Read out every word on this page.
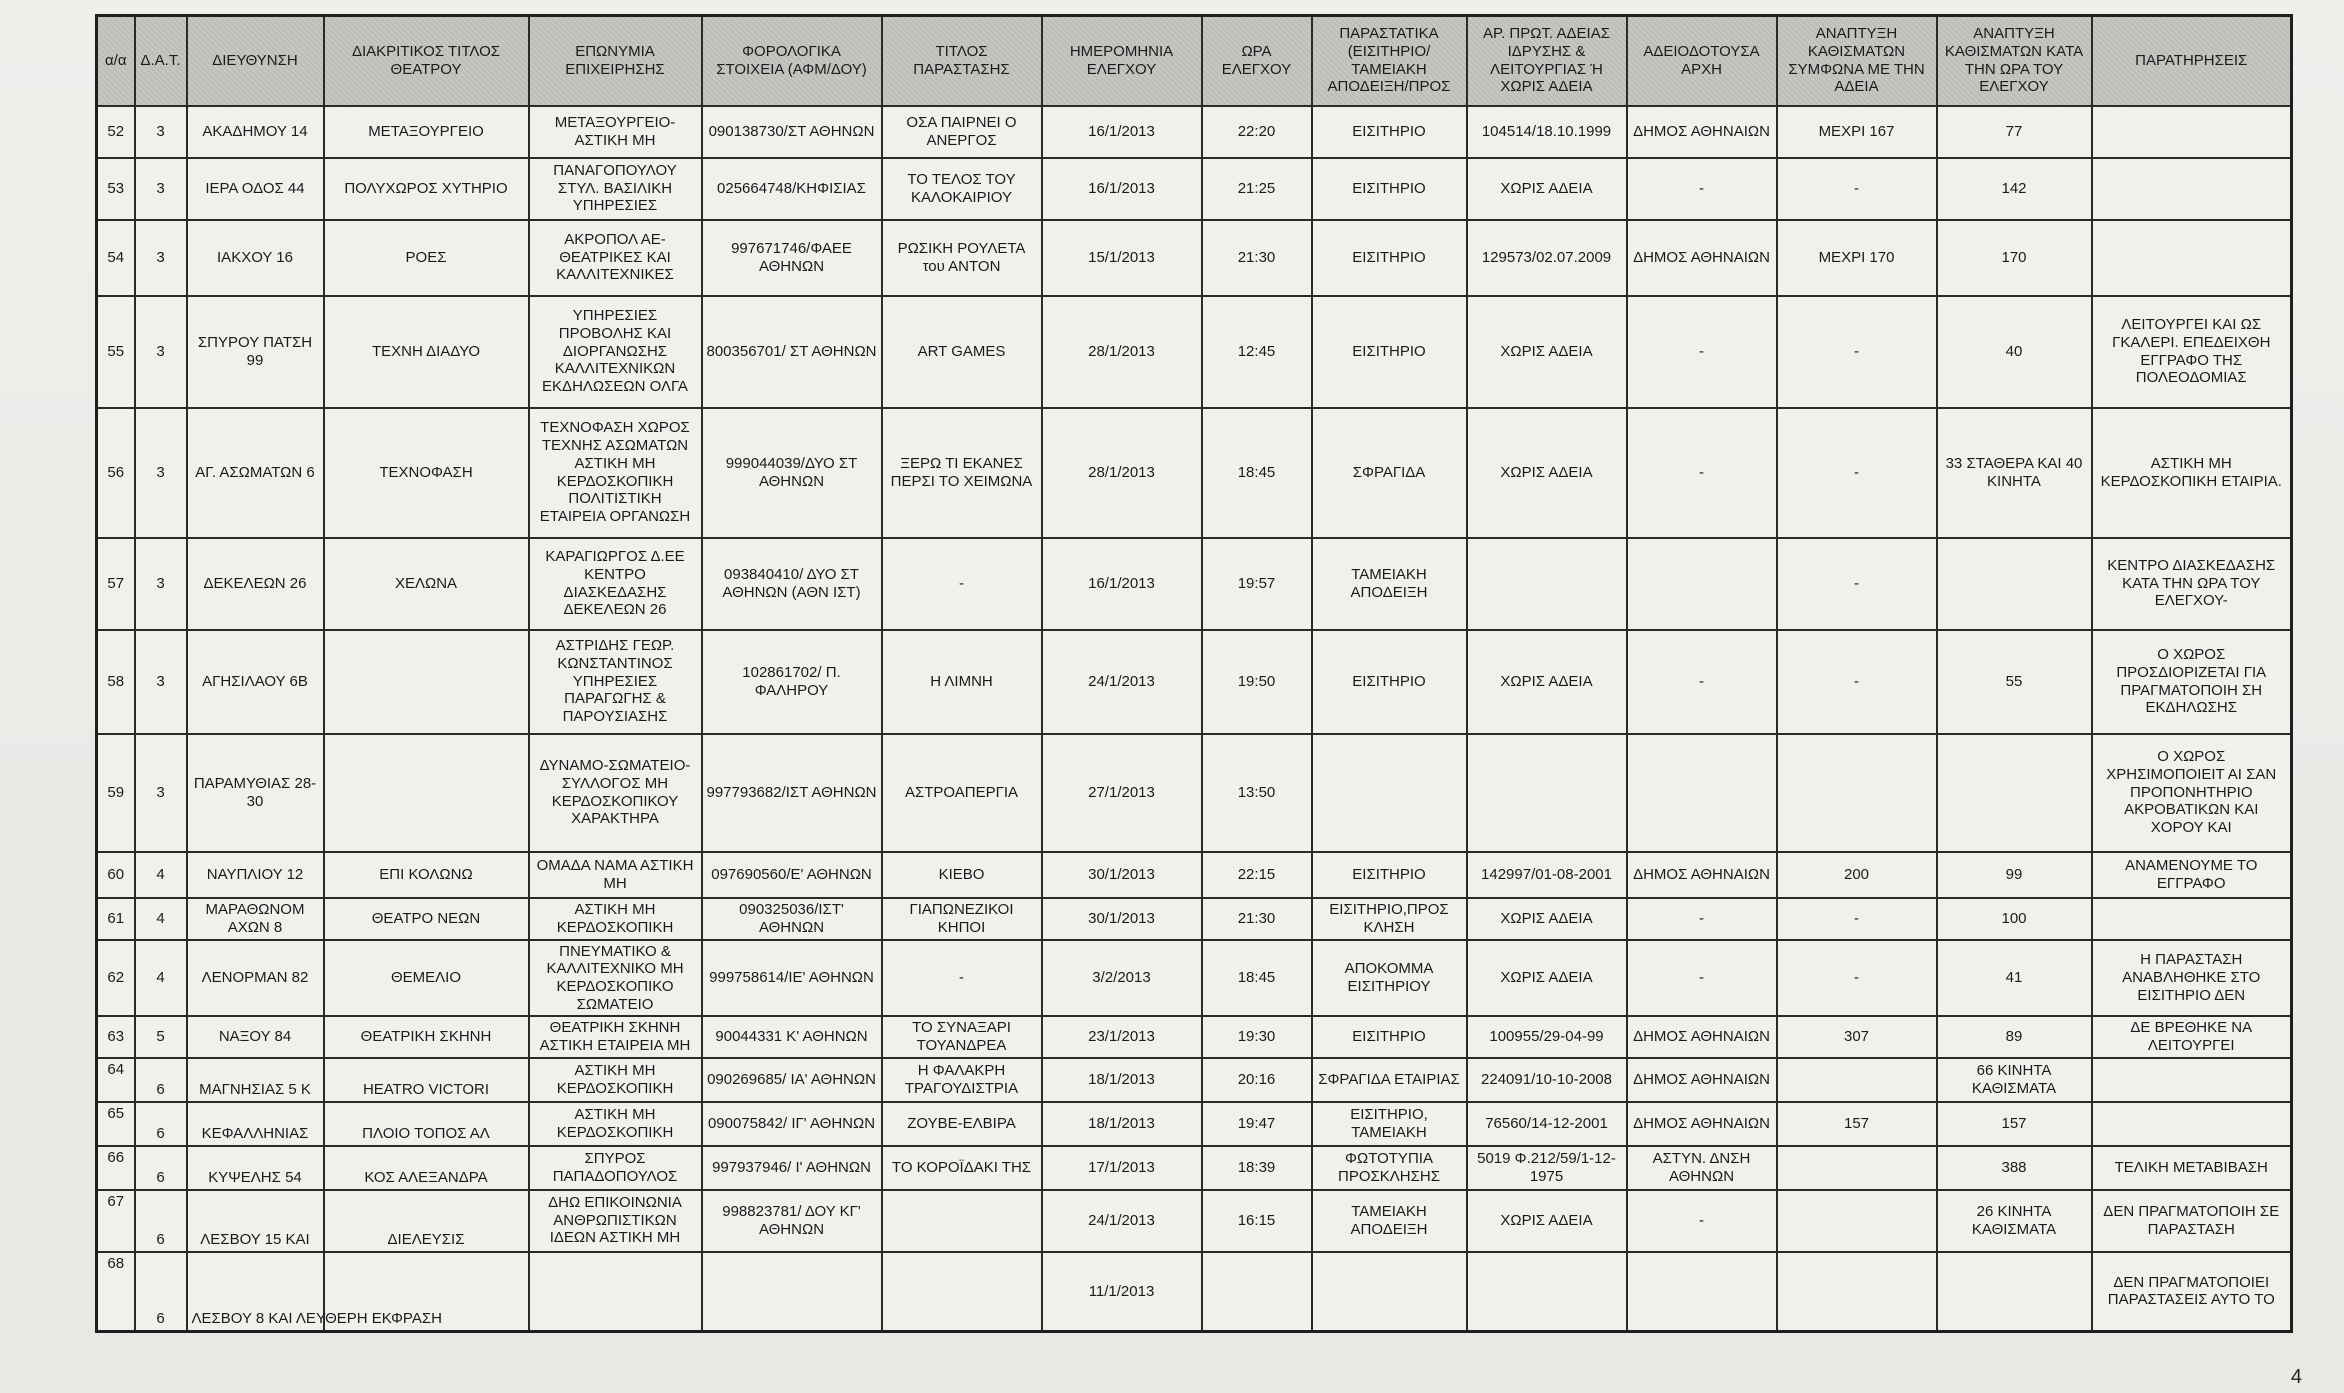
α/α	Δ.Α.Τ.	ΔΙΕΥΘΥΝΣΗ	ΔΙΑΚΡΙΤΙΚΟΣ ΤΙΤΛΟΣ ΘΕΑΤΡΟΥ	ΕΠΩΝΥΜΙΑ ΕΠΙΧΕΙΡΗΣΗΣ	ΦΟΡΟΛΟΓΙΚΑ ΣΤΟΙΧΕΙΑ (ΑΦΜ/ΔΟΥ)	ΤΙΤΛΟΣ ΠΑΡΑΣΤΑΣΗΣ	ΗΜΕΡΟΜΗΝΙΑ ΕΛΕΓΧΟΥ	ΩΡΑ ΕΛΕΓΧΟΥ	ΠΑΡΑΣΤΑΤΙΚΑ (ΕΙΣΙΤΗΡΙΟ/ΤΑΜΕΙΑΚΗ ΑΠΟΔΕΙΞΗ/ΠΡΟΣ	ΑΡ. ΠΡΩΤ. ΑΔΕΙΑΣ ΙΔΡΥΣΗΣ & ΛΕΙΤΟΥΡΓΙΑΣ Ή ΧΩΡΙΣ ΑΔΕΙΑ	ΑΔΕΙΟΔΟΤΟΥΣΑ ΑΡΧΗ	ΑΝΑΠΤΥΞΗ ΚΑΘΙΣΜΑΤΩΝ ΣΥΜΦΩΝΑ ΜΕ ΤΗΝ ΑΔΕΙΑ	ΑΝΑΠΤΥΞΗ ΚΑΘΙΣΜΑΤΩΝ ΚΑΤΑ ΤΗΝ ΩΡΑ ΤΟΥ ΕΛΕΓΧΟΥ	ΠΑΡΑΤΗΡΗΣΕΙΣ
52	3	ΑΚΑΔΗΜΟΥ 14	ΜΕΤΑΞΟΥΡΓΕΙΟ	ΜΕΤΑΞΟΥΡΓΕΙΟ-ΑΣΤΙΚΗ ΜΗ	090138730/ΣΤ ΑΘΗΝΩΝ	ΟΣΑ ΠΑΙΡΝΕΙ Ο ΑΝΕΡΓΟΣ	16/1/2013	22:20	ΕΙΣΙΤΗΡΙΟ	104514/18.10.1999	ΔΗΜΟΣ ΑΘΗΝΑΙΩΝ	ΜΕΧΡΙ 167	77	
53	3	ΙΕΡΑ ΟΔΟΣ 44	ΠΟΛΥΧΩΡΟΣ ΧΥΤΗΡΙΟ	ΠΑΝΑΓΟΠΟΥΛΟΥ ΣΤΥΛ. ΒΑΣΙΛΙΚΗ ΥΠΗΡΕΣΙΕΣ	025664748/ΚΗΦΙΣΙΑΣ	ΤΟ ΤΕΛΟΣ ΤΟΥ ΚΑΛΟΚΑΙΡΙΟΥ	16/1/2013	21:25	ΕΙΣΙΤΗΡΙΟ	ΧΩΡΙΣ ΑΔΕΙΑ	-	-	142	
54	3	ΙΑΚΧΟΥ 16	ΡΟΕΣ	ΑΚΡΟΠΟΛ ΑΕ-ΘΕΑΤΡΙΚΕΣ ΚΑΙ ΚΑΛΛΙΤΕΧΝΙΚΕΣ	997671746/ΦΑΕΕ ΑΘΗΝΩΝ	ΡΩΣΙΚΗ ΡΟΥΛΕΤΑ του ΑΝΤΟΝ	15/1/2013	21:30	ΕΙΣΙΤΗΡΙΟ	129573/02.07.2009	ΔΗΜΟΣ ΑΘΗΝΑΙΩΝ	ΜΕΧΡΙ 170	170	
55	3	ΣΠΥΡΟΥ ΠΑΤΣΗ 99	ΤΕΧΝΗ ΔΙΑΔΥΟ	ΥΠΗΡΕΣΙΕΣ ΠΡΟΒΟΛΗΣ ΚΑΙ ΔΙΟΡΓΑΝΩΣΗΣ ΚΑΛΛΙΤΕΧΝΙΚΩΝ ΕΚΔΗΛΩΣΕΩΝ ΟΛΓΑ	800356701/ ΣΤ ΑΘΗΝΩΝ	ART GAMES	28/1/2013	12:45	ΕΙΣΙΤΗΡΙΟ	ΧΩΡΙΣ ΑΔΕΙΑ	-	-	40	ΛΕΙΤΟΥΡΓΕΙ ΚΑΙ ΩΣ ΓΚΑΛΕΡΙ. ΕΠΕΔΕΙΧΘΗ ΕΓΓΡΑΦΟ ΤΗΣ ΠΟΛΕΟΔΟΜΙΑΣ
56	3	ΑΓ. ΑΣΩΜΑΤΩΝ 6	ΤΕΧΝΟΦΑΣΗ	ΤΕΧΝΟΦΑΣΗ ΧΩΡΟΣ ΤΕΧΝΗΣ ΑΣΩΜΑΤΩΝ ΑΣΤΙΚΗ ΜΗ ΚΕΡΔΟΣΚΟΠΙΚΗ ΠΟΛΙΤΙΣΤΙΚΗ ΕΤΑΙΡΕΙΑ ΟΡΓΑΝΩΣΗ	999044039/ΔΥΟ ΣΤ ΑΘΗΝΩΝ	ΞΕΡΩ ΤΙ ΕΚΑΝΕΣ ΠΕΡΣΙ ΤΟ ΧΕΙΜΩΝΑ	28/1/2013	18:45	ΣΦΡΑΓΙΔΑ	ΧΩΡΙΣ ΑΔΕΙΑ	-	-	33 ΣΤΑΘΕΡΑ ΚΑΙ 40 ΚΙΝΗΤΑ	ΑΣΤΙΚΗ ΜΗ ΚΕΡΔΟΣΚΟΠΙΚΗ ΕΤΑΙΡΙΑ.
57	3	ΔΕΚΕΛΕΩΝ 26	ΧΕΛΩΝΑ	ΚΑΡΑΓΙΩΡΓΟΣ Δ.ΕΕ ΚΕΝΤΡΟ ΔΙΑΣΚΕΔΑΣΗΣ ΔΕΚΕΛΕΩΝ 26	093840410/ ΔΥΟ ΣΤ ΑΘΗΝΩΝ (ΑΘΝ ΙΣΤ)	-	16/1/2013	19:57	ΤΑΜΕΙΑΚΗ ΑΠΟΔΕΙΞΗ			-		ΚΕΝΤΡΟ ΔΙΑΣΚΕΔΑΣΗΣ ΚΑΤΑ ΤΗΝ ΩΡΑ ΤΟΥ ΕΛΕΓΧΟΥ-
58	3	ΑΓΗΣΙΛΑΟΥ 6Β		ΑΣΤΡΙΔΗΣ ΓΕΩΡ. ΚΩΝΣΤΑΝΤΙΝΟΣ ΥΠΗΡΕΣΙΕΣ ΠΑΡΑΓΩΓΗΣ & ΠΑΡΟΥΣΙΑΣΗΣ	102861702/ Π. ΦΑΛΗΡΟΥ	Η ΛΙΜΝΗ	24/1/2013	19:50	ΕΙΣΙΤΗΡΙΟ	ΧΩΡΙΣ ΑΔΕΙΑ	-	-	55	Ο ΧΩΡΟΣ ΠΡΟΣΔΙΟΡΙΖΕΤΑΙ ΓΙΑ ΠΡΑΓΜΑΤΟΠΟΙΗ ΣΗ ΕΚΔΗΛΩΣΗΣ
59	3	ΠΑΡΑΜΥΘΙΑΣ 28-30		ΔΥΝΑΜΟ-ΣΩΜΑΤΕΙΟ-ΣΥΛΛΟΓΟΣ ΜΗ ΚΕΡΔΟΣΚΟΠΙΚΟΥ ΧΑΡΑΚΤΗΡΑ	997793682/ΙΣΤ ΑΘΗΝΩΝ	ΑΣΤΡΟΑΠΕΡΓΙΑ	27/1/2013	13:50						Ο ΧΩΡΟΣ ΧΡΗΣΙΜΟΠΟΙΕΙΤ ΑΙ ΣΑΝ ΠΡΟΠΟΝΗΤΗΡΙΟ ΑΚΡΟΒΑΤΙΚΩΝ ΚΑΙ ΧΟΡΟΥ ΚΑΙ
60	4	ΝΑΥΠΛΙΟΥ 12	ΕΠΙ ΚΟΛΩΝΩ	ΟΜΑΔΑ ΝΑΜΑ ΑΣΤΙΚΗ ΜΗ	097690560/Ε' ΑΘΗΝΩΝ	ΚΙΕΒΟ	30/1/2013	22:15	ΕΙΣΙΤΗΡΙΟ	142997/01-08-2001	ΔΗΜΟΣ ΑΘΗΝΑΙΩΝ	200	99	ΑΝΑΜΕΝΟΥΜΕ ΤΟ ΕΓΓΡΑΦΟ
61	4	ΜΑΡΑΘΩΝΟΜ ΑΧΩΝ 8	ΘΕΑΤΡΟ ΝΕΩΝ	ΑΣΤΙΚΗ ΜΗ ΚΕΡΔΟΣΚΟΠΙΚΗ	090325036/ΙΣΤ' ΑΘΗΝΩΝ	ΓΙΑΠΩΝΕΖΙΚΟΙ ΚΗΠΟΙ	30/1/2013	21:30	ΕΙΣΙΤΗΡΙΟ,ΠΡΟΣ ΚΛΗΣΗ	ΧΩΡΙΣ ΑΔΕΙΑ	-	-	100	
62	4	ΛΕΝΟΡΜΑΝ 82	ΘΕΜΕΛΙΟ	ΠΝΕΥΜΑΤΙΚΟ & ΚΑΛΛΙΤΕΧΝΙΚΟ ΜΗ ΚΕΡΔΟΣΚΟΠΙΚΟ ΣΩΜΑΤΕΙΟ	999758614/ΙΕ' ΑΘΗΝΩΝ	-	3/2/2013	18:45	ΑΠΟΚΟΜΜΑ ΕΙΣΙΤΗΡΙΟΥ	ΧΩΡΙΣ ΑΔΕΙΑ	-	-	41	Η ΠΑΡΑΣΤΑΣΗ ΑΝΑΒΛΗΘΗΚΕ ΣΤΟ ΕΙΣΙΤΗΡΙΟ ΔΕΝ
63	5	ΝΑΞΟΥ 84	ΘΕΑΤΡΙΚΗ ΣΚΗΝΗ	ΘΕΑΤΡΙΚΗ ΣΚΗΝΗ ΑΣΤΙΚΗ ΕΤΑΙΡΕΙΑ ΜΗ	90044331 Κ' ΑΘΗΝΩΝ	ΤΟ ΣΥΝΑΞΑΡΙ ΤΟΥΑΝΔΡΕΑ	23/1/2013	19:30	ΕΙΣΙΤΗΡΙΟ	100955/29-04-99	ΔΗΜΟΣ ΑΘΗΝΑΙΩΝ	307	89	ΔΕ ΒΡΕΘΗΚΕ ΝΑ ΛΕΙΤΟΥΡΓΕΙ
64	6	ΜΑΓΝΗΣΙΑΣ 5 Κ	HEATRO VICTORI	ΑΣΤΙΚΗ ΜΗ ΚΕΡΔΟΣΚΟΠΙΚΗ	090269685/ ΙΑ' ΑΘΗΝΩΝ	Η ΦΑΛΑΚΡΗ ΤΡΑΓΟΥΔΙΣΤΡΙΑ	18/1/2013	20:16	ΣΦΡΑΓΙΔΑ ΕΤΑΙΡΙΑΣ	224091/10-10-2008	ΔΗΜΟΣ ΑΘΗΝΑΙΩΝ		66 ΚΙΝΗΤΑ ΚΑΘΙΣΜΑΤΑ	
65	6	ΚΕΦΑΛΛΗΝΙΑΣ	ΠΛΟΙΟ ΤΟΠΟΣ ΑΛ	ΑΣΤΙΚΗ ΜΗ ΚΕΡΔΟΣΚΟΠΙΚΗ	090075842/ ΙΓ' ΑΘΗΝΩΝ	ΖΟΥΒΕ-ΕΛΒΙΡΑ	18/1/2013	19:47	ΕΙΣΙΤΗΡΙΟ, ΤΑΜΕΙΑΚΗ	76560/14-12-2001	ΔΗΜΟΣ ΑΘΗΝΑΙΩΝ	157	157	
66	6	ΚΥΨΕΛΗΣ 54	ΚΟΣ ΑΛΕΞΑΝΔΡΑ	ΣΠΥΡΟΣ ΠΑΠΑΔΟΠΟΥΛΟΣ	997937946/ Ι' ΑΘΗΝΩΝ	ΤΟ ΚΟΡΟΪΔΑΚΙ ΤΗΣ	17/1/2013	18:39	ΦΩΤΟΤΥΠΙΑ ΠΡΟΣΚΛΗΣΗΣ	5019 Φ.212/59/1-12-1975	ΑΣΤΥΝ. ΔΝΣΗ ΑΘΗΝΩΝ		388	ΤΕΛΙΚΗ ΜΕΤΑΒΙΒΑΣΗ
67	6	ΛΕΣΒΟΥ 15 ΚΑΙ	ΔΙΕΛΕΥΣΙΣ	ΔΗΩ ΕΠΙΚΟΙΝΩΝΙΑ ΑΝΘΡΩΠΙΣΤΙΚΩΝ ΙΔΕΩΝ ΑΣΤΙΚΗ ΜΗ	998823781/ ΔΟΥ ΚΓ' ΑΘΗΝΩΝ		24/1/2013	16:15	ΤΑΜΕΙΑΚΗ ΑΠΟΔΕΙΞΗ	ΧΩΡΙΣ ΑΔΕΙΑ	-		26 ΚΙΝΗΤΑ ΚΑΘΙΣΜΑΤΑ	ΔΕΝ ΠΡΑΓΜΑΤΟΠΟΙΗ ΣΕ ΠΑΡΑΣΤΑΣΗ
68	6	ΛΕΣΒΟΥ 8 ΚΑΙ ΛΕΥΘΕΡΗ ΕΚΦΡΑΣΗ					11/1/2013							ΔΕΝ ΠΡΑΓΜΑΤΟΠΟΙΕΙ ΠΑΡΑΣΤΑΣΕΙΣ ΑΥΤΟ ΤΟ
4
